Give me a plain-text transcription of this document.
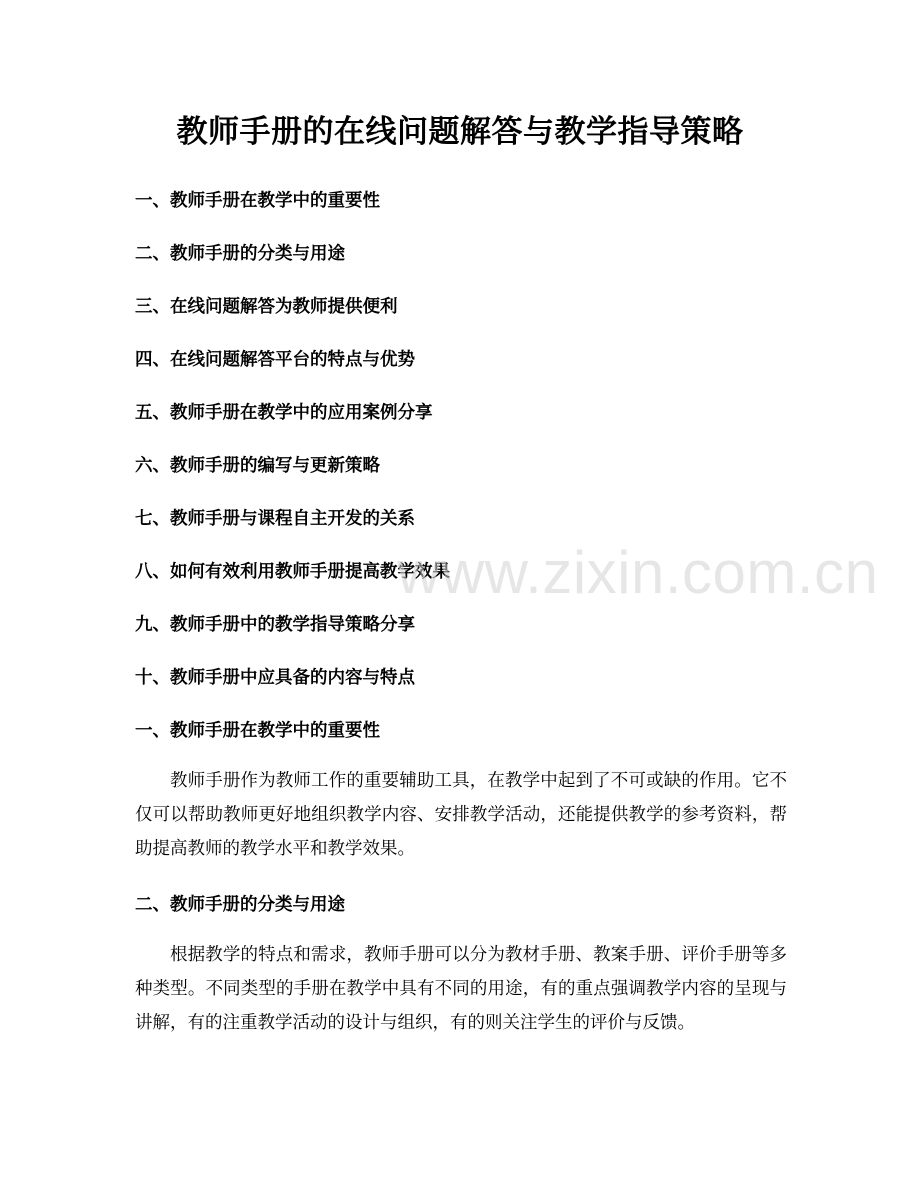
教师手册的在线问题解答与教学指导策略
一、教师手册在教学中的重要性
二、教师手册的分类与用途
三、在线问题解答为教师提供便利
四、在线问题解答平台的特点与优势
五、教师手册在教学中的应用案例分享
六、教师手册的编写与更新策略
七、教师手册与课程自主开发的关系
八、如何有效利用教师手册提高教学效果
九、教师手册中的教学指导策略分享
十、教师手册中应具备的内容与特点
一、教师手册在教学中的重要性
教师手册作为教师工作的重要辅助工具，在教学中起到了不可或缺的作用。它不仅可以帮助教师更好地组织教学内容、安排教学活动，还能提供教学的参考资料，帮助提高教师的教学水平和教学效果。
二、教师手册的分类与用途
根据教学的特点和需求，教师手册可以分为教材手册、教案手册、评价手册等多种类型。不同类型的手册在教学中具有不同的用途，有的重点强调教学内容的呈现与讲解，有的注重教学活动的设计与组织，有的则关注学生的评价与反馈。
www.zixin.com.cn
